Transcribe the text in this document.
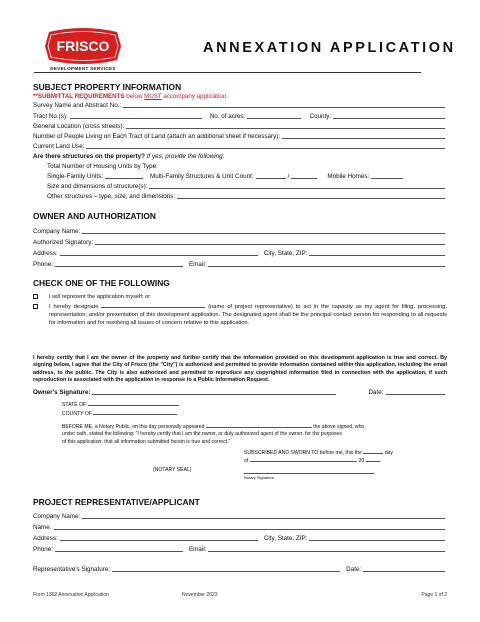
FRISCO
DEVELOPMENT SERVICES
ANNEXATION APPLICATION
SUBJECT PROPERTY INFORMATION
**SUBMITTAL REQUIREMENTS below MUST accompany application.
Survey Name and Abstract No.:
Tract No.(s):	No. of acres:	County:
General Location (cross streets):
Number of People Living on Each Tract of Land (attach an additional sheet if necessary):
Current Land Use:
Are there structures on the property? If yes, provide the following:
Total Number of Housing Units by Type:
Single-Family Units:	Multi-Family Structures & Unit Count:	/	Mobile Homes:
Size and dimensions of structure(s):
Other structures – type, size, and dimensions:
OWNER AND AUTHORIZATION
Company Name:
Authorized Signatory:
Address:	City, State, ZIP:
Phone:	Email:
CHECK ONE OF THE FOLLOWING
I will represent the application myself; or
I hereby designate	(name of project representative) to act in the capacity as my agent for filing, processing, representation, and/or presentation of this development application. The designated agent shall be the principal contact person for responding to all requests for information and for resolving all issues of concern relative to this application.
I hereby certify that I am the owner of the property and further certify that the information provided on this development application is true and correct. By signing below, I agree that the City of Frisco (the "City") is authorized and permitted to provide information contained within this application, including the email address, to the public. The City is also authorized and permitted to reproduce any copyrighted information filed in connection with the application, if such reproduction is associated with the application in response to a Public Information Request.
Owner's Signature:	Date:
STATE OF
COUNTY OF
BEFORE ME, a Notary Public, on this day personally appeared	the above signed, who,
under oath, stated the following: "I hereby certify that I am the owner, or duly authorized agent of the owner, for the purposes
of this application; that all information submitted herein is true and correct."
SUBSCRIBED AND SWORN TO before me, this the	day
of	, 20	.
(NOTARY SEAL)
Notary Signature
PROJECT REPRESENTATIVE/APPLICANT
Company Name:
Name:
Address:	City, State, ZIP:
Phone:	Email:
Representative's Signature:	Date:
Form 1362 Annexation Application	November 2023	Page 1 of 2
